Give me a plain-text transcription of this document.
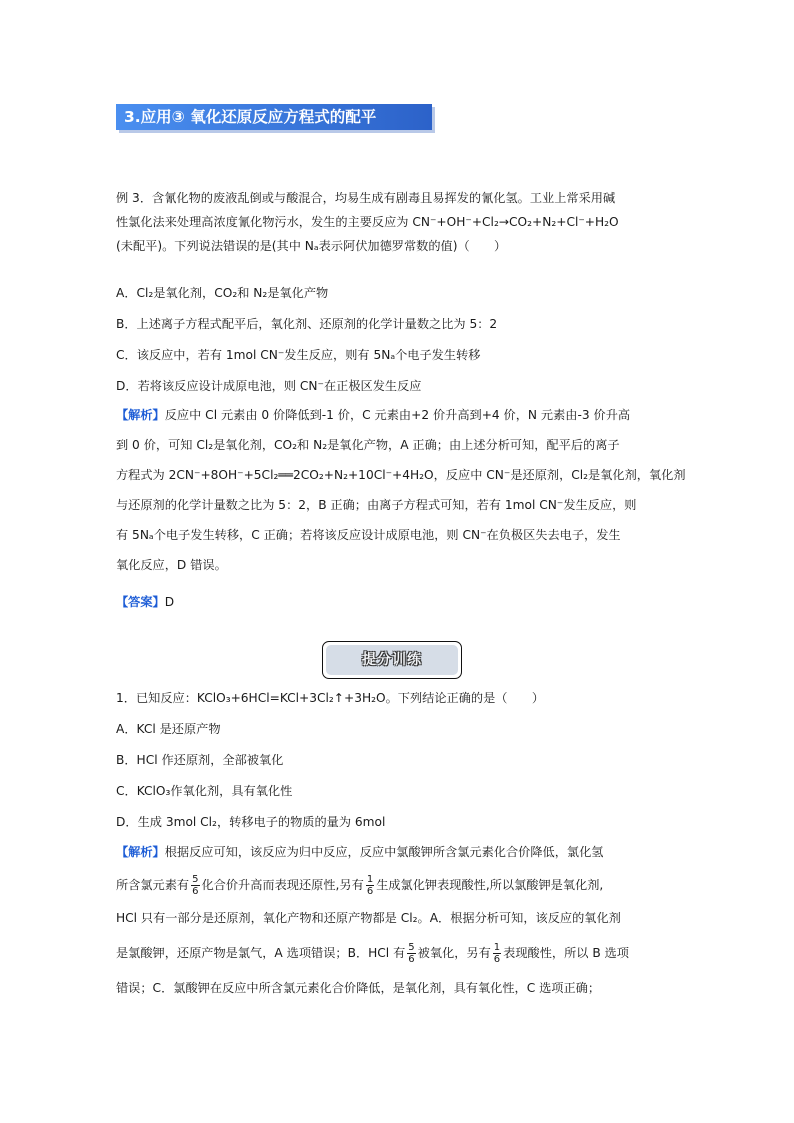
3.应用③ 氧化还原反应方程式的配平

例 3．含氰化物的废液乱倒或与酸混合，均易生成有剧毒且易挥发的氰化氢。工业上常采用碱

性氯化法来处理高浓度氰化物污水，发生的主要反应为 CN⁻+OH⁻+Cl₂→CO₂+N₂+Cl⁻+H₂O

(未配平)。下列说法错误的是(其中 Nₐ表示阿伏加德罗常数的值)（　　）

A．Cl₂是氧化剂，CO₂和 N₂是氧化产物

B．上述离子方程式配平后，氧化剂、还原剂的化学计量数之比为 5：2

C．该反应中，若有 1mol CN⁻发生反应，则有 5Nₐ个电子发生转移

D．若将该反应设计成原电池，则 CN⁻在正极区发生反应

【解析】反应中 Cl 元素由 0 价降低到-1 价，C 元素由+2 价升高到+4 价，N 元素由-3 价升高

到 0 价，可知 Cl₂是氧化剂，CO₂和 N₂是氧化产物，A 正确；由上述分析可知，配平后的离子

方程式为 2CN⁻+8OH⁻+5Cl₂══2CO₂+N₂+10Cl⁻+4H₂O，反应中 CN⁻是还原剂，Cl₂是氧化剂，氧化剂

与还原剂的化学计量数之比为 5：2，B 正确；由离子方程式可知，若有 1mol CN⁻发生反应，则

有 5Nₐ个电子发生转移，C 正确；若将该反应设计成原电池，则 CN⁻在负极区失去电子，发生

氧化反应，D 错误。

【答案】D
提分训练

1．已知反应：KClO₃+6HCl=KCl+3Cl₂↑+3H₂O。下列结论正确的是（　　）

A．KCl 是还原产物

B．HCl 作还原剂，全部被氧化

C．KClO₃作氧化剂，具有氧化性

D．生成 3mol Cl₂，转移电子的物质的量为 6mol

【解析】根据反应可知，该反应为归中反应，反应中氯酸钾所含氯元素化合价降低，氯化氢

所含氯元素有 $\frac{5}{6}$ 化合价升高而表现还原性,另有 $\frac{1}{6}$ 生成氯化钾表现酸性,所以氯酸钾是氧化剂,

HCl 只有一部分是还原剂，氧化产物和还原产物都是 Cl₂。A．根据分析可知，该反应的氧化剂

是氯酸钾，还原产物是氯气，A 选项错误；B．HCl 有 $\frac{5}{6}$ 被氧化，另有 $\frac{1}{6}$ 表现酸性，所以 B 选项

错误；C．氯酸钾在反应中所含氯元素化合价降低，是氧化剂，具有氧化性，C 选项正确；
